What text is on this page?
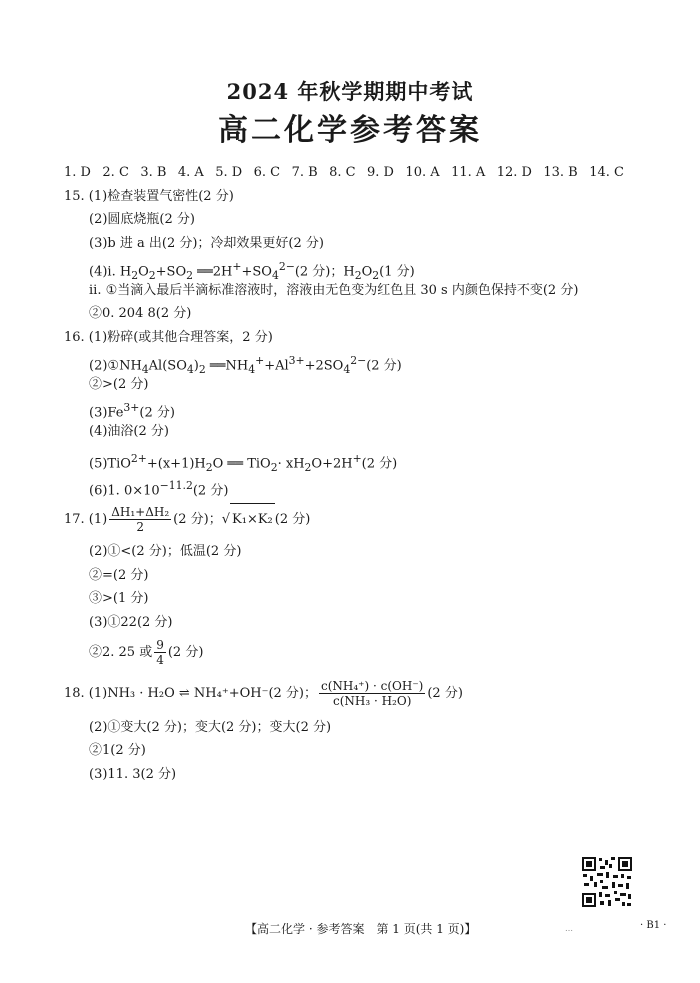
2024 年秋学期期中考试
高二化学参考答案
1. D 2. C 3. B 4. A 5. D 6. C 7. B 8. C 9. D 10. A 11. A 12. D 13. B 14. C
15. (1)检查装置气密性(2 分)
(2)圆底烧瓶(2 分)
(3)b 进 a 出(2 分)；冷却效果更好(2 分)
(4)ⅰ. $H_2O_2+SO_2$ $══2H^++SO_4^{2-}(2$ 分)；$H_2O_2(1$ 分)
ⅱ. ①当滴入最后半滴标准溶液时，溶液由无色变为红色且 30 s 内颜色保持不变(2 分)
②0. 204 8(2 分)
16. (1)粉碎(或其他合理答案，2 分)
$(2)①NH_4Al(SO_4)_2$ $══NH_4^++Al^{3+}+2SO_4^{2-}(2$ 分)
②>(2 分)
$(3)Fe^{3+}(2$ 分)
(4)油浴(2 分)
$(5)TiO^{2+}+(x+1)H_2O$ ══ $TiO_2\cdot xH_2O+2H^+(2$ 分)
(6)1. $0\times 10^{-11.2}(2$ 分)
17. $(1) \frac{\text{ΔH₁+ΔH₂}}{2} (2$ 分)；√ K₁×K₂ (2 分)
(2)①<(2 分)；低温(2 分)
②=(2 分)
③>(1 分)
(3)①22(2 分)
②2. 25 或 $\frac{9}{4} (2$ 分)
18. (1)NH₃ · H₂O ⇌ NH₄⁺+OH⁻(2 分)； $\frac{\text{c(NH₄⁺) · c(OH⁻)}}{\text{c(NH₃ · H₂O)}} (2$ 分)
(2)①变大(2 分)；变大(2 分)；变大(2 分)
②1(2 分)
(3)11. 3(2 分)
【高二化学 · 参考答案　第 1 页(共 1 页)】	…	· B1 ·
